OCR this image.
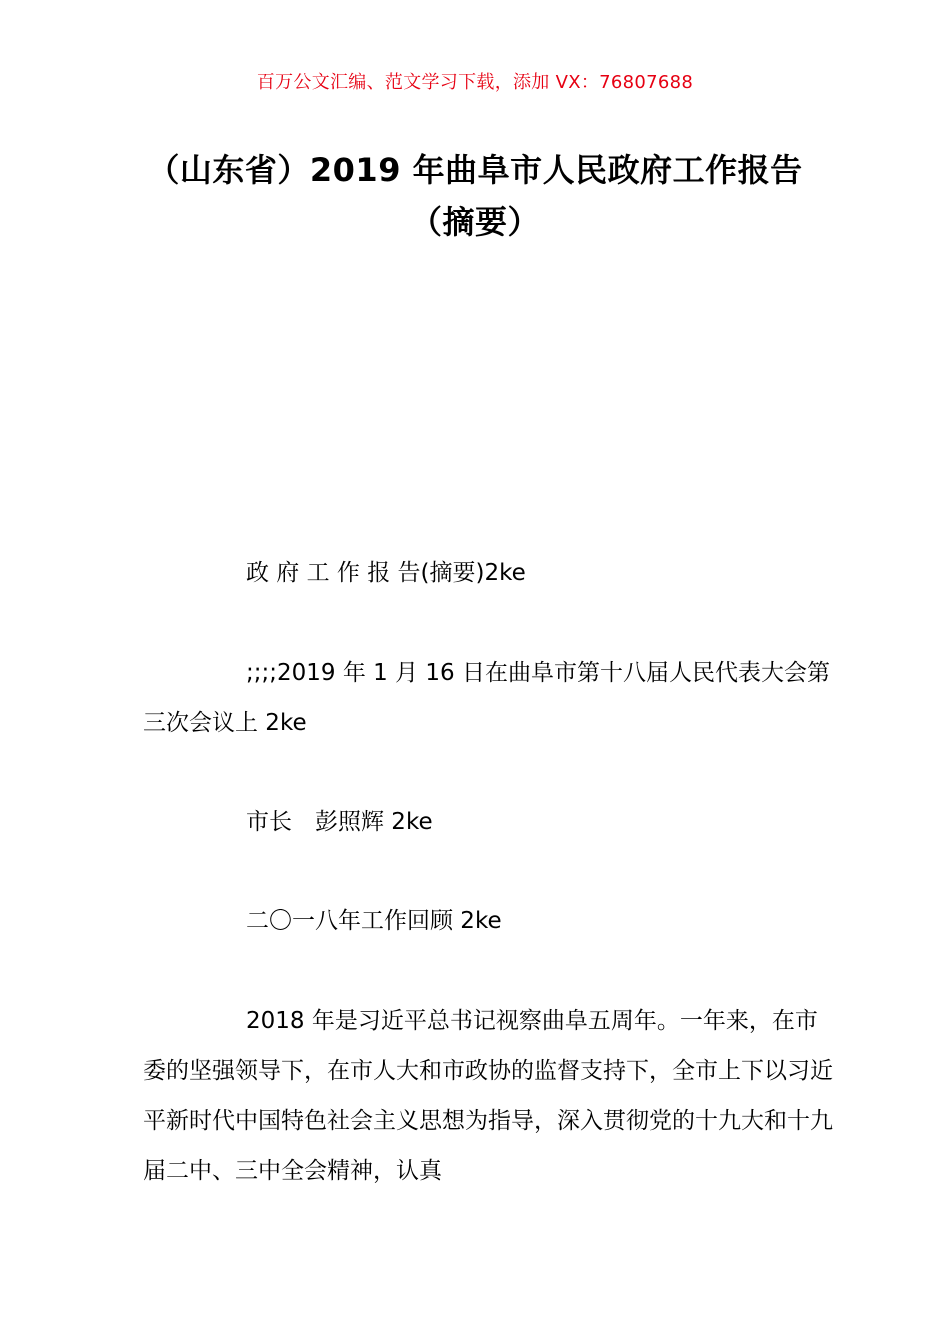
百万公文汇编、范文学习下载，添加 VX：76807688
（山东省）2019 年曲阜市人民政府工作报告（摘要）

政 府 工 作 报 告(摘要)2ke

;;;;2019 年 1 月 16 日在曲阜市第十八届人民代表大会第三次会议上 2ke

市长　彭照辉 2ke

二〇一八年工作回顾 2ke

2018 年是习近平总书记视察曲阜五周年。一年来，在市委的坚强领导下，在市人大和市政协的监督支持下，全市上下以习近平新时代中国特色社会主义思想为指导，深入贯彻党的十九大和十九届二中、三中全会精神，认真
